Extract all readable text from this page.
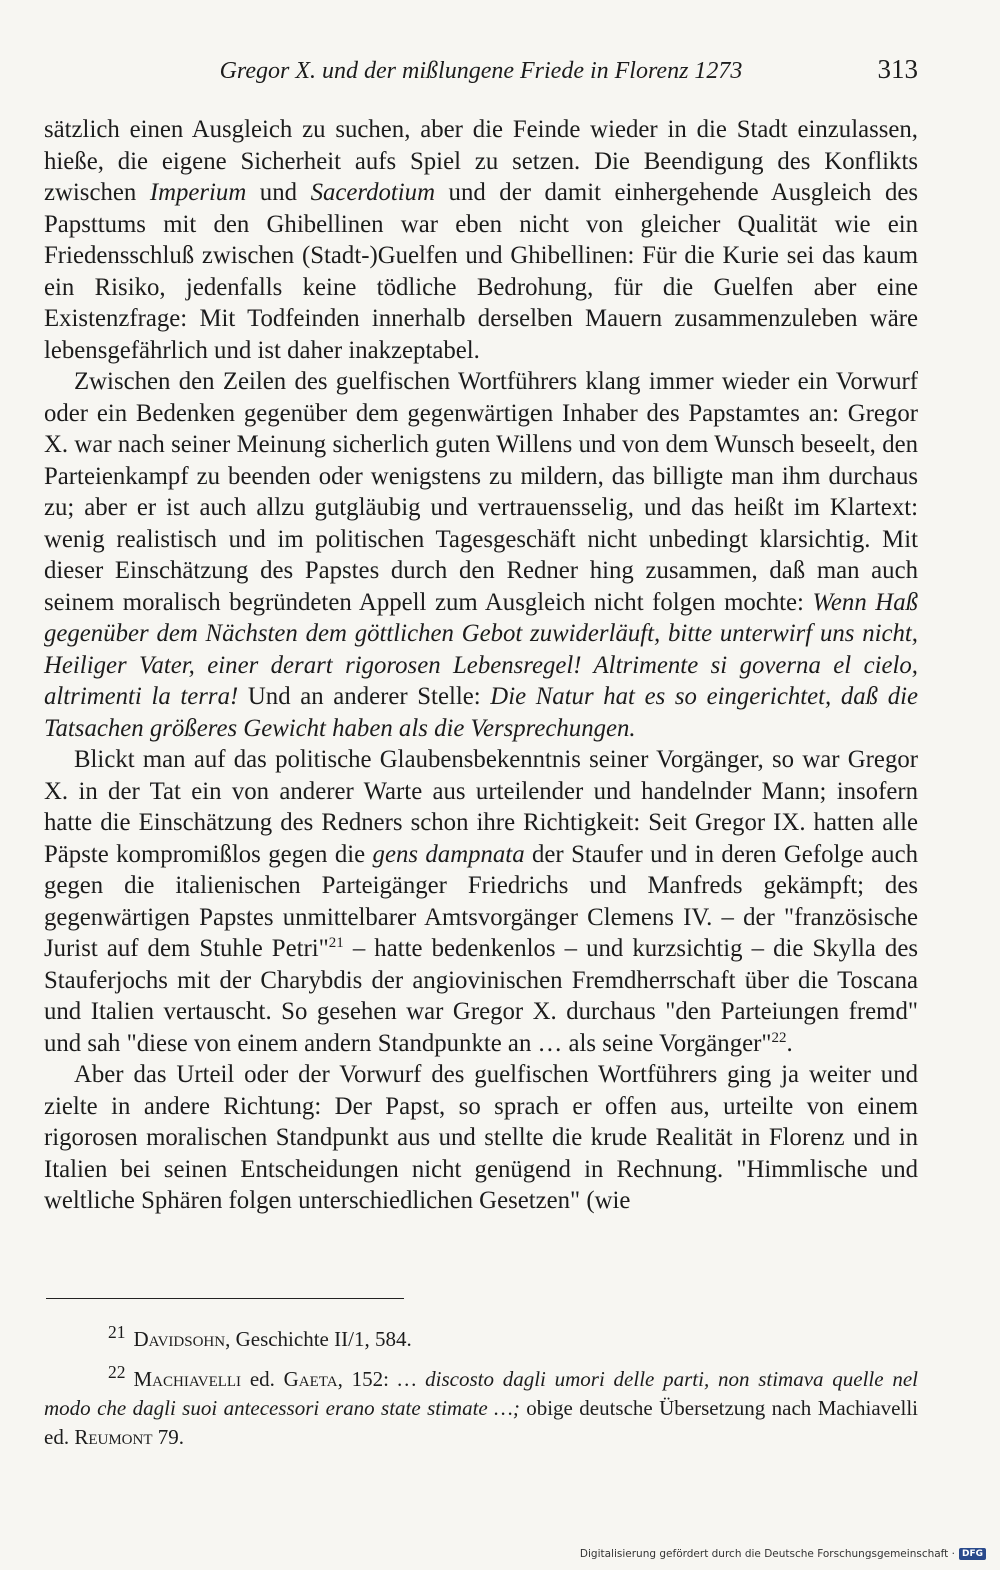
Gregor X. und der mißlungene Friede in Florenz 1273	313

sätzlich einen Ausgleich zu suchen, aber die Feinde wieder in die Stadt einzulassen, hieße, die eigene Sicherheit aufs Spiel zu setzen. Die Beendigung des Konflikts zwischen Imperium und Sacerdotium und der damit einhergehende Ausgleich des Papsttums mit den Ghibellinen war eben nicht von gleicher Qualität wie ein Friedensschluß zwischen (Stadt-)Guelfen und Ghibellinen: Für die Kurie sei das kaum ein Risiko, jedenfalls keine tödliche Bedrohung, für die Guelfen aber eine Existenzfrage: Mit Todfeinden innerhalb derselben Mauern zusammenzuleben wäre lebensgefährlich und ist daher inakzeptabel.

Zwischen den Zeilen des guelfischen Wortführers klang immer wieder ein Vorwurf oder ein Bedenken gegenüber dem gegenwärtigen Inhaber des Papstamtes an: Gregor X. war nach seiner Meinung sicherlich guten Willens und von dem Wunsch beseelt, den Parteienkampf zu beenden oder wenigstens zu mildern, das billigte man ihm durchaus zu; aber er ist auch allzu gutgläubig und vertrauensselig, und das heißt im Klartext: wenig realistisch und im politischen Tagesgeschäft nicht unbedingt klarsichtig. Mit dieser Einschätzung des Papstes durch den Redner hing zusammen, daß man auch seinem moralisch begründeten Appell zum Ausgleich nicht folgen mochte: Wenn Haß gegenüber dem Nächsten dem göttlichen Gebot zuwiderläuft, bitte unterwirf uns nicht, Heiliger Vater, einer derart rigorosen Lebensregel! Altrimente si governa el cielo, altrimenti la terra! Und an anderer Stelle: Die Natur hat es so eingerichtet, daß die Tatsachen größeres Gewicht haben als die Versprechungen.

Blickt man auf das politische Glaubensbekenntnis seiner Vorgänger, so war Gregor X. in der Tat ein von anderer Warte aus urteilender und handelnder Mann; insofern hatte die Einschätzung des Redners schon ihre Richtigkeit: Seit Gregor IX. hatten alle Päpste kompromißlos gegen die gens dampnata der Staufer und in deren Gefolge auch gegen die italienischen Parteigänger Friedrichs und Manfreds gekämpft; des gegenwärtigen Papstes unmittelbarer Amtsvorgänger Clemens IV. – der "französische Jurist auf dem Stuhle Petri"$^{21}$ – hatte bedenkenlos – und kurzsichtig – die Skylla des Stauferjochs mit der Charybdis der angiovinischen Fremdherrschaft über die Toscana und Italien vertauscht. So gesehen war Gregor X. durchaus "den Parteiungen fremd" und sah "diese von einem andern Standpunkte an … als seine Vorgänger"$^{22}$.

Aber das Urteil oder der Vorwurf des guelfischen Wortführers ging ja weiter und zielte in andere Richtung: Der Papst, so sprach er offen aus, urteilte von einem rigorosen moralischen Standpunkt aus und stellte die krude Realität in Florenz und in Italien bei seinen Entscheidungen nicht genügend in Rechnung. "Himmlische und weltliche Sphären folgen unterschiedlichen Gesetzen" (wie

$^{21}$ Davidsohn, Geschichte II/1, 584.

$^{22}$ Machiavelli ed. Gaeta, 152: … discosto dagli umori delle parti, non stimava quelle nel modo che dagli suoi antecessori erano state stimate …; obige deutsche Übersetzung nach Machiavelli ed. Reumont 79.

Digitalisierung gefördert durch die Deutsche Forschungsgemeinschaft · DFG
